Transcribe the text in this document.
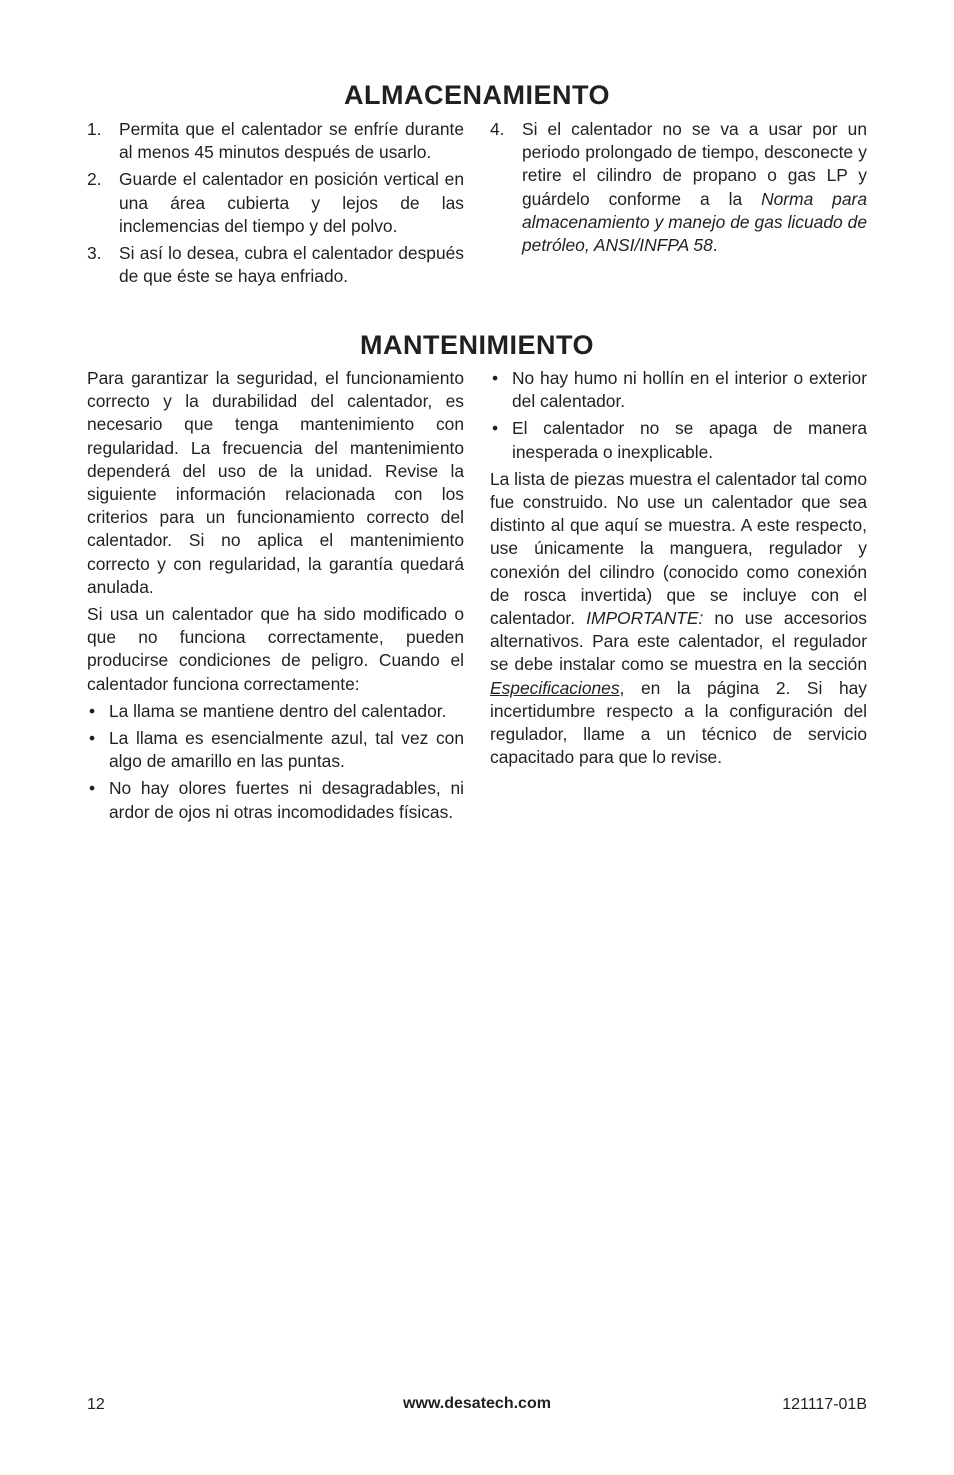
ALMACENAMIENTO
1. Permita que el calentador se enfríe durante al menos 45 minutos después de usarlo.
2. Guarde el calentador en posición vertical en una área cubierta y lejos de las inclemencias del tiempo y del polvo.
3. Si así lo desea, cubra el calentador después de que éste se haya enfriado.
4. Si el calentador no se va a usar por un periodo prolongado de tiempo, desconecte y retire el cilindro de propano o gas LP y guárdelo conforme a la Norma para almacenamiento y manejo de gas licuado de petróleo, ANSI/INFPA 58.
MANTENIMIENTO

Para garantizar la seguridad, el funcionamiento correcto y la durabilidad del calentador, es necesario que tenga mantenimiento con regularidad. La frecuencia del mantenimiento dependerá del uso de la unidad. Revise la siguiente información relacionada con los criterios para un funcionamiento correcto del calentador. Si no aplica el mantenimiento correcto y con regularidad, la garantía quedará anulada.

Si usa un calentador que ha sido modificado o que no funciona correctamente, pueden producirse condiciones de peligro. Cuando el calentador funciona correctamente:

• La llama se mantiene dentro del calentador.
• La llama es esencialmente azul, tal vez con algo de amarillo en las puntas.
• No hay olores fuertes ni desagradables, ni ardor de ojos ni otras incomodidades físicas.
• No hay humo ni hollín en el interior o exterior del calentador.
• El calentador no se apaga de manera inesperada o inexplicable.

La lista de piezas muestra el calentador tal como fue construido. No use un calentador que sea distinto al que aquí se muestra. A este respecto, use únicamente la manguera, regulador y conexión del cilindro (conocido como conexión de rosca invertida) que se incluye con el calentador. IMPORTANTE: no use accesorios alternativos. Para este calentador, el regulador se debe instalar como se muestra en la sección Especificaciones, en la página 2. Si hay incertidumbre respecto a la configuración del regulador, llame a un técnico de servicio capacitado para que lo revise.

12	www.desatech.com	121117-01B
